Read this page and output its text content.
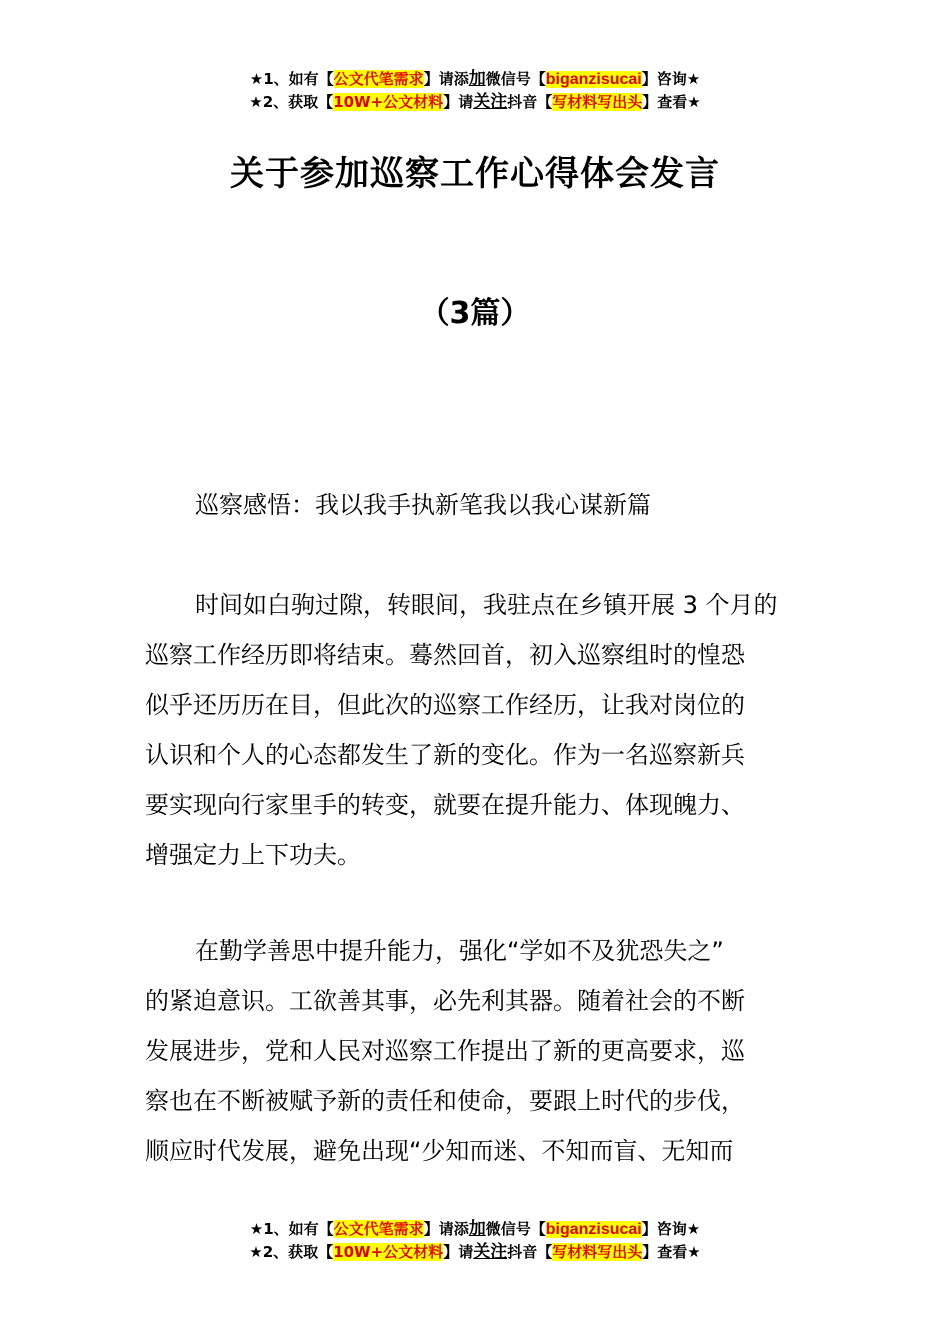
★1、如有【公文代笔需求】请添加微信号【biganzisucai】咨询★
★2、获取【10W+公文材料】请关注抖音【写材料写出头】查看★
关于参加巡察工作心得体会发言
（3篇）
巡察感悟：我以我手执新笔我以我心谋新篇
时间如白驹过隙，转眼间，我驻点在乡镇开展 3 个月的
巡察工作经历即将结束。蓦然回首，初入巡察组时的惶恐
似乎还历历在目，但此次的巡察工作经历，让我对岗位的
认识和个人的心态都发生了新的变化。作为一名巡察新兵
要实现向行家里手的转变，就要在提升能力、体现魄力、
增强定力上下功夫。
在勤学善思中提升能力，强化“学如不及犹恐失之”
的紧迫意识。工欲善其事，必先利其器。随着社会的不断
发展进步，党和人民对巡察工作提出了新的更高要求，巡
察也在不断被赋予新的责任和使命，要跟上时代的步伐，
顺应时代发展，避免出现“少知而迷、不知而盲、无知而
★1、如有【公文代笔需求】请添加微信号【biganzisucai】咨询★
★2、获取【10W+公文材料】请关注抖音【写材料写出头】查看★
